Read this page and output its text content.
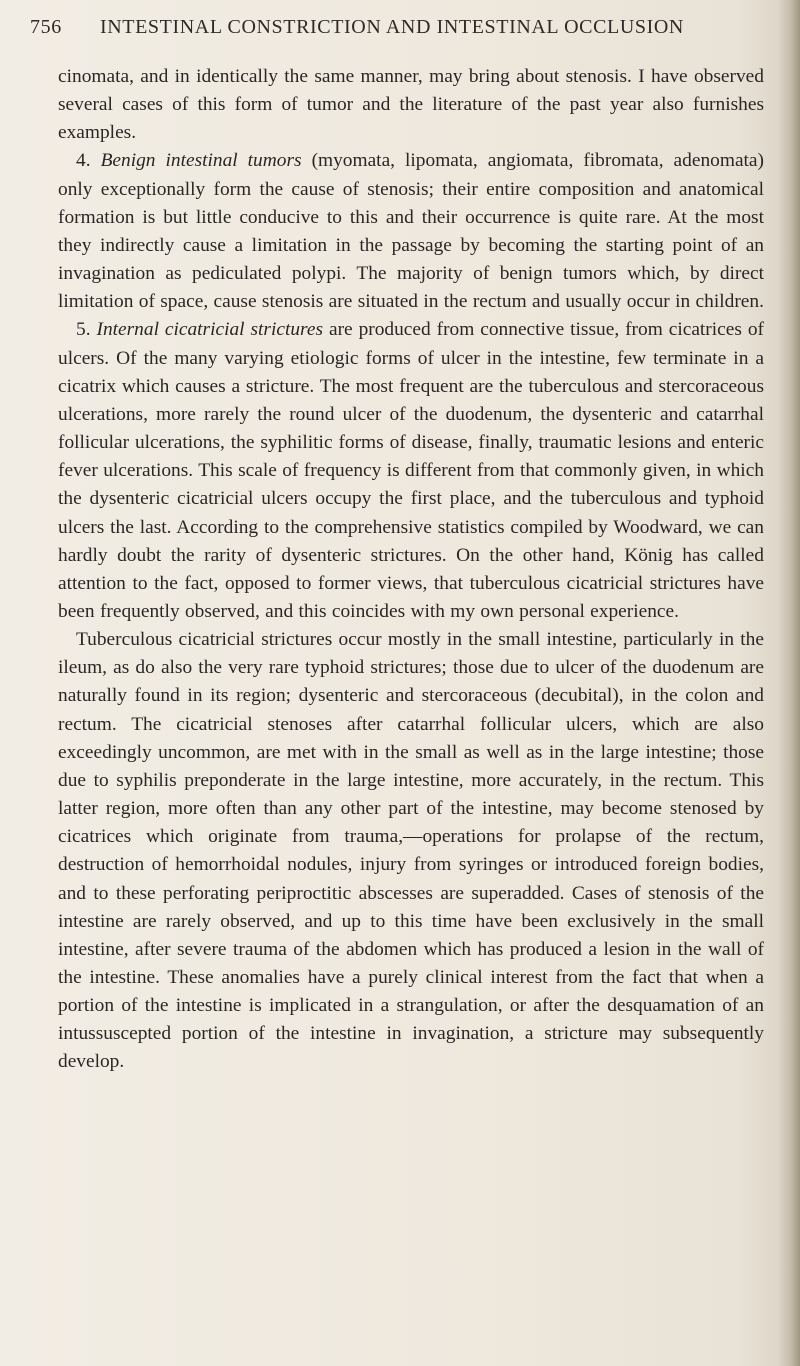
756 INTESTINAL CONSTRICTION AND INTESTINAL OCCLUSION

cinomata, and in identically the same manner, may bring about stenosis. I have observed several cases of this form of tumor and the literature of the past year also furnishes examples.

4. Benign intestinal tumors (myomata, lipomata, angiomata, fibromata, adenomata) only exceptionally form the cause of stenosis; their entire composition and anatomical formation is but little conducive to this and their occurrence is quite rare. At the most they indirectly cause a limitation in the passage by becoming the starting point of an invagination as pediculated polypi. The majority of benign tumors which, by direct limitation of space, cause stenosis are situated in the rectum and usually occur in children.

5. Internal cicatricial strictures are produced from connective tissue, from cicatrices of ulcers. Of the many varying etiologic forms of ulcer in the intestine, few terminate in a cicatrix which causes a stricture. The most frequent are the tuberculous and stercoraceous ulcerations, more rarely the round ulcer of the duodenum, the dysenteric and catarrhal follicular ulcerations, the syphilitic forms of disease, finally, traumatic lesions and enteric fever ulcerations. This scale of frequency is different from that commonly given, in which the dysenteric cicatricial ulcers occupy the first place, and the tuberculous and typhoid ulcers the last. According to the comprehensive statistics compiled by Woodward, we can hardly doubt the rarity of dysenteric strictures. On the other hand, König has called attention to the fact, opposed to former views, that tuberculous cicatricial strictures have been frequently observed, and this coincides with my own personal experience.

Tuberculous cicatricial strictures occur mostly in the small intestine, particularly in the ileum, as do also the very rare typhoid strictures; those due to ulcer of the duodenum are naturally found in its region; dysenteric and stercoraceous (decubital), in the colon and rectum. The cicatricial stenoses after catarrhal follicular ulcers, which are also exceedingly uncommon, are met with in the small as well as in the large intestine; those due to syphilis preponderate in the large intestine, more accurately, in the rectum. This latter region, more often than any other part of the intestine, may become stenosed by cicatrices which originate from trauma,—operations for prolapse of the rectum, destruction of hemorrhoidal nodules, injury from syringes or introduced foreign bodies, and to these perforating periproctitic abscesses are superadded. Cases of stenosis of the intestine are rarely observed, and up to this time have been exclusively in the small intestine, after severe trauma of the abdomen which has produced a lesion in the wall of the intestine. These anomalies have a purely clinical interest from the fact that when a portion of the intestine is implicated in a strangulation, or after the desquamation of an intussuscepted portion of the intestine in invagination, a stricture may subsequently develop.
